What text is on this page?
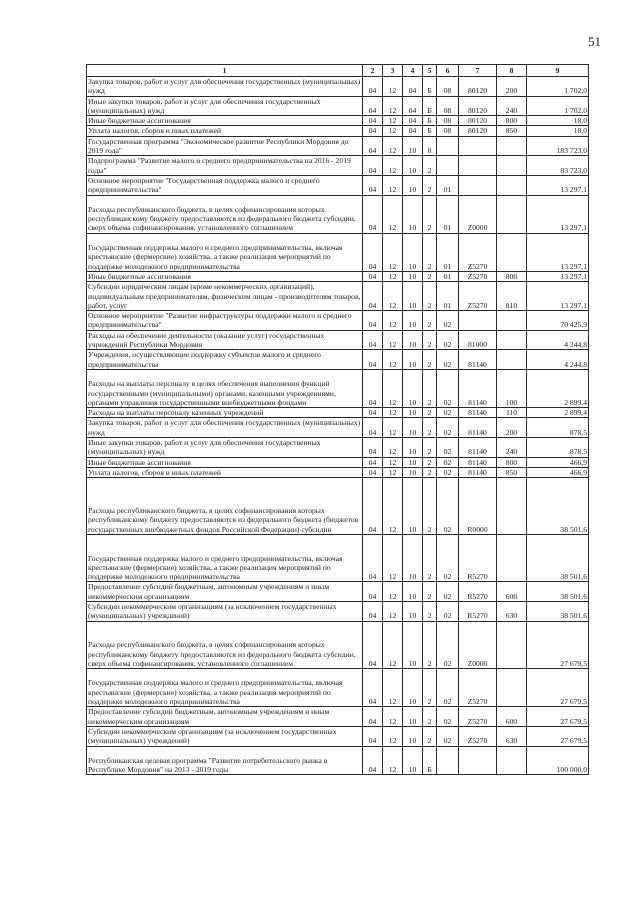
51
1	2	3	4	5	6	7	8	9
Закупка товаров, работ и услуг для обеспечения государственных (муниципальных) нужд	04	12	04	Б	08	80120	200	1 702,0
Иные закупки товаров, работ и услуг для обеспечения государственных (муниципальных) нужд	04	12	04	Б	08	80120	240	1 702,0
Иные бюджетные ассигнования	04	12	04	Б	08	80120	800	18,0
Уплата налогов, сборов и иных платежей	04	12	04	Б	08	80120	850	18,0
Государственная программа "Экономическое развитие Республики Мордовия до 2019 года"	04	12	10	0				183 723,0
Подпрограмма "Развитие малого и среднего предпринимательства на 2016 - 2019 годы"	04	12	10	2				83 723,0
Основное мероприятие "Государственная поддержка малого и среднего предпринимательства"	04	12	10	2	01			13 297,1
Расходы республиканского бюджета, в целях софинансирования которых республиканскому бюджету предоставляются из федерального бюджета субсидии, сверх объема софинансирования, установленного соглашением	04	12	10	2	01	Z0000		13 297,1
Государственная поддержка малого и среднего предпринимательства, включая крестьянские (фермерские) хозяйства, а также реализация мероприятий по поддержке молодежного предпринимательства	04	12	10	2	01	Z5270		13 297,1
Иные бюджетные ассигнования	04	12	10	2	01	Z5270	800	13 297,1
Субсидии юридическим лицам (кроме некоммерческих организаций), индивидуальным предпринимателям, физическим лицам - производителям товаров, работ, услуг	04	12	10	2	01	Z5270	810	13 297,1
Основное мероприятие "Развитие инфраструктуры поддержки малого и среднего предпринимательства"	04	12	10	2	02			70 425,9
Расходы на обеспечение деятельности (оказание услуг) государственных учреждений Республики Мордовия	04	12	10	2	02	81000		4 244,8
Учреждения, осуществляющие поддержку субъектов малого и среднего предпринимательства	04	12	10	2	02	81140		4 244,8
Расходы на выплаты персоналу в целях обеспечения выполнения функций государственными (муниципальными) органами, казенными учреждениями, органами управления государственными внебюджетными фондами	04	12	10	2	02	81140	100	2 899,4
Расходы на выплаты персоналу казенных учреждений	04	12	10	2	02	81140	110	2 899,4
Закупка товаров, работ и услуг для обеспечения государственных (муниципальных) нужд	04	12	10	2	02	81140	200	878,5
Иные закупки товаров, работ и услуг для обеспечения государственных (муниципальных) нужд	04	12	10	2	02	81140	240	878,5
Иные бюджетные ассигнования	04	12	10	2	02	81140	800	466,9
Уплата налогов, сборов и иных платежей	04	12	10	2	02	81140	850	466,9
Расходы республиканского бюджета, в целях софинансирования которых республиканскому бюджету предоставляются из федерального бюджета (бюджетов государственных внебюджетных фондов Российской Федерации) субсидии	04	12	10	2	02	R0000		38 501,6
Государственная поддержка малого и среднего предпринимательства, включая крестьянские (фермерские) хозяйства, а также реализация мероприятий по поддержке молодежного предпринимательства	04	12	10	2	02	R5270		38 501,6
Предоставление субсидий бюджетным, автономным учреждениям и иным некоммерческим организациям	04	12	10	2	02	R5270	600	38 501,6
Субсидии некоммерческим организациям (за исключением государственных (муниципальных) учреждений)	04	12	10	2	02	R5270	630	38 501,6
Расходы республиканского бюджета, в целях софинансирования которых республиканскому бюджету предоставляются из федерального бюджета субсидии, сверх объема софинансирования, установленного соглашением	04	12	10	2	02	Z0000		27 679,5
Государственная поддержка малого и среднего предпринимательства, включая крестьянские (фермерские) хозяйства, а также реализация мероприятий по поддержке молодежного предпринимательства	04	12	10	2	02	Z5270		27 679,5
Предоставление субсидий бюджетным, автономным учреждениям и иным некоммерческим организациям	04	12	10	2	02	Z5270	600	27 679,5
Субсидии некоммерческим организациям (за исключением государственных (муниципальных) учреждений)	04	12	10	2	02	Z5270	630	27 679,5
Республиканская целевая программа "Развитие потребительского рынка в Республике Мордовия" на 2013 - 2019 годы	04	12	10	Б				100 000,0
